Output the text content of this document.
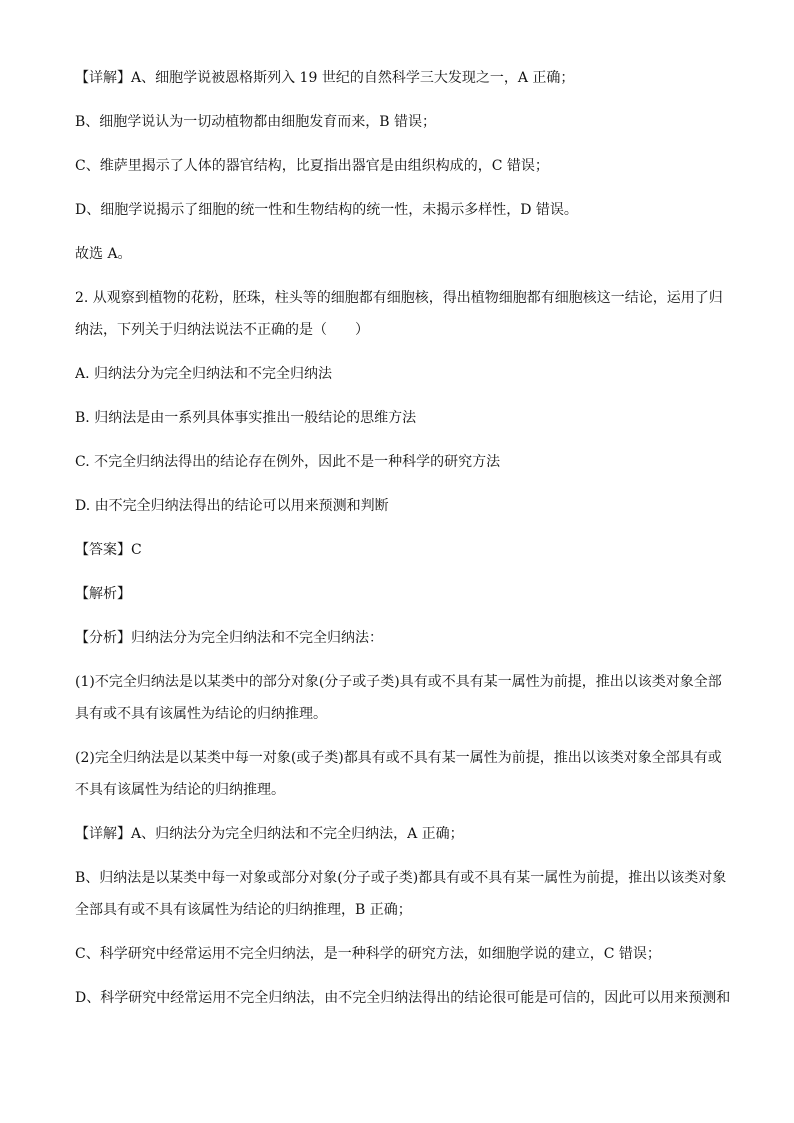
【详解】A、细胞学说被恩格斯列入 19 世纪的自然科学三大发现之一，A 正确；
B、细胞学说认为一切动植物都由细胞发育而来，B 错误；
C、维萨里揭示了人体的器官结构，比夏指出器官是由组织构成的，C 错误；
D、细胞学说揭示了细胞的统一性和生物结构的统一性，未揭示多样性，D 错误。
故选 A。
2. 从观察到植物的花粉，胚珠，柱头等的细胞都有细胞核，得出植物细胞都有细胞核这一结论，运用了归
纳法，下列关于归纳法说法不正确的是（　　）
A. 归纳法分为完全归纳法和不完全归纳法
B. 归纳法是由一系列具体事实推出一般结论的思维方法
C. 不完全归纳法得出的结论存在例外，因此不是一种科学的研究方法
D. 由不完全归纳法得出的结论可以用来预测和判断
【答案】C
【解析】
【分析】归纳法分为完全归纳法和不完全归纳法：
(1)不完全归纳法是以某类中的部分对象(分子或子类)具有或不具有某一属性为前提，推出以该类对象全部
具有或不具有该属性为结论的归纳推理。
(2)完全归纳法是以某类中每一对象(或子类)都具有或不具有某一属性为前提，推出以该类对象全部具有或
不具有该属性为结论的归纳推理。
【详解】A、归纳法分为完全归纳法和不完全归纳法，A 正确；
B、归纳法是以某类中每一对象或部分对象(分子或子类)都具有或不具有某一属性为前提，推出以该类对象
全部具有或不具有该属性为结论的归纳推理，B 正确；
C、科学研究中经常运用不完全归纳法，是一种科学的研究方法，如细胞学说的建立，C 错误；
D、科学研究中经常运用不完全归纳法，由不完全归纳法得出的结论很可能是可信的，因此可以用来预测和
